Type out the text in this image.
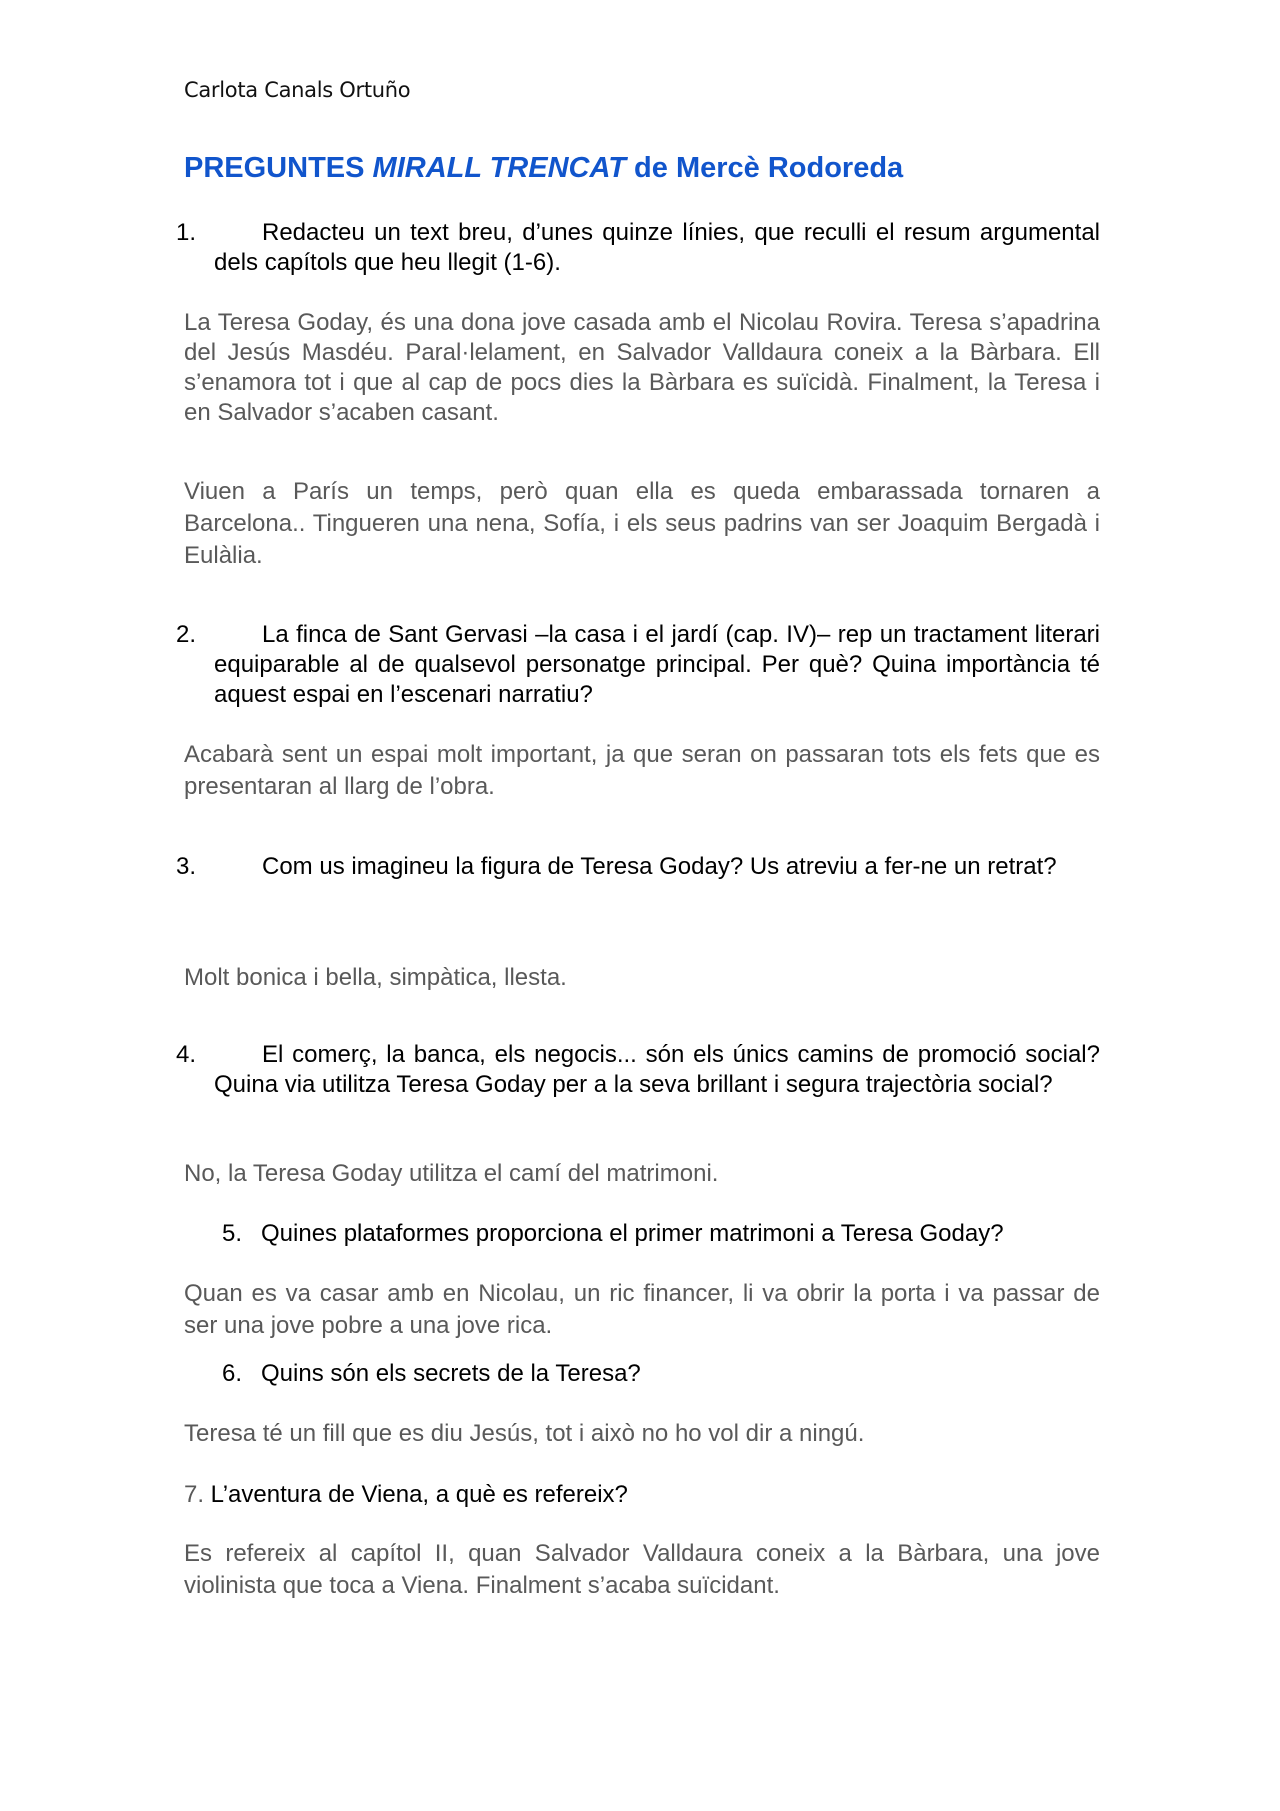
Carlota Canals Ortuño
PREGUNTES MIRALL TRENCAT de Mercè Rodoreda
1.	Redacteu un text breu, d’unes quinze línies, que reculli el resum argumental dels capítols que heu llegit (1-6).
La Teresa Goday, és una dona jove casada amb el Nicolau Rovira. Teresa s’apadrina del Jesús Masdéu. Paral·lelament, en Salvador Valldaura coneix a la Bàrbara. Ell s’enamora tot i que al cap de pocs dies la Bàrbara es suïcidà. Finalment, la Teresa i en Salvador s’acaben casant.
Viuen a París un temps, però quan ella es queda embarassada tornaren a Barcelona.. Tingueren una nena, Sofía, i els seus padrins van ser Joaquim Bergadà i Eulàlia.
2.	La finca de Sant Gervasi –la casa i el jardí (cap. IV)– rep un tractament literari equiparable al de qualsevol personatge principal. Per què? Quina importància té aquest espai en l’escenari narratiu?
Acabarà sent un espai molt important, ja que seran on passaran tots els fets que es presentaran al llarg de l’obra.
3.	Com us imagineu la figura de Teresa Goday? Us atreviu a fer-ne un retrat?
Molt bonica i bella, simpàtica, llesta.
4.	El comerç, la banca, els negocis... són els únics camins de promoció social? Quina via utilitza Teresa Goday per a la seva brillant i segura trajectòria social?
No, la Teresa Goday utilitza el camí del matrimoni.
5. Quines plataformes proporciona el primer matrimoni a Teresa Goday?
Quan es va casar amb en Nicolau, un ric financer, li va obrir la porta i va passar de ser una jove pobre a una jove rica.
6. Quins són els secrets de la Teresa?
Teresa té un fill que es diu Jesús, tot i això no ho vol dir a ningú.
7. L’aventura de Viena, a què es refereix?
Es refereix al capítol II, quan Salvador Valldaura coneix a la Bàrbara, una jove violinista que toca a Viena. Finalment s’acaba suïcidant.
